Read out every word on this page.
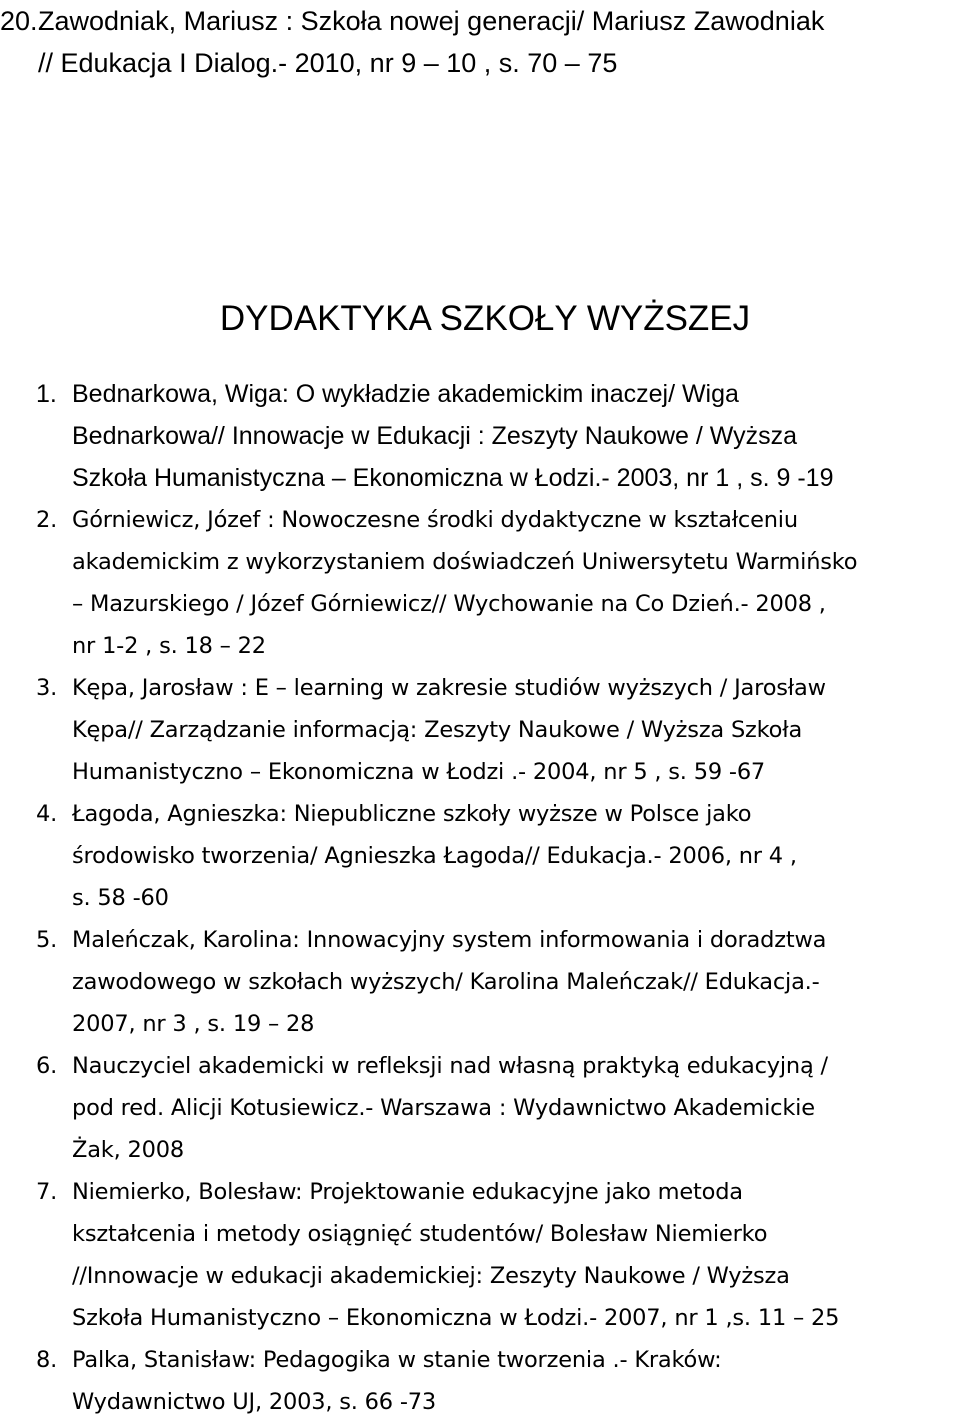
20. Zawodniak, Mariusz : Szkoła nowej generacji/ Mariusz Zawodniak
// Edukacja I Dialog.- 2010, nr 9 – 10 , s. 70 – 75
DYDAKTYKA SZKOŁY WYŻSZEJ
1. Bednarkowa, Wiga: O wykładzie akademickim inaczej/ Wiga
Bednarkowa// Innowacje w Edukacji : Zeszyty Naukowe / Wyższa
Szkoła Humanistyczna – Ekonomiczna w Łodzi.- 2003, nr 1 , s. 9 -19
2. Górniewicz, Józef : Nowoczesne środki dydaktyczne w kształceniu
akademickim z wykorzystaniem doświadczeń Uniwersytetu Warmińsko
– Mazurskiego / Józef Górniewicz// Wychowanie na Co Dzień.- 2008 ,
nr 1-2 , s. 18 – 22
3. Kępa, Jarosław : E – learning w zakresie studiów wyższych / Jarosław
Kępa// Zarządzanie informacją: Zeszyty Naukowe / Wyższa Szkoła
Humanistyczno – Ekonomiczna w Łodzi .- 2004, nr 5 , s. 59 -67
4. Łagoda, Agnieszka: Niepubliczne szkoły wyższe w Polsce jako
środowisko tworzenia/ Agnieszka Łagoda// Edukacja.- 2006, nr 4 ,
s. 58 -60
5. Maleńczak, Karolina: Innowacyjny system informowania i doradztwa
zawodowego w szkołach wyższych/ Karolina Maleńczak// Edukacja.-
2007, nr 3 , s. 19 – 28
6. Nauczyciel akademicki w refleksji nad własną praktyką edukacyjną /
pod red. Alicji Kotusiewicz.- Warszawa : Wydawnictwo Akademickie
Żak, 2008
7. Niemierko, Bolesław: Projektowanie edukacyjne jako metoda
kształcenia i metody osiągnięć studentów/ Bolesław Niemierko
//Innowacje w edukacji akademickiej: Zeszyty Naukowe / Wyższa
Szkoła Humanistyczno – Ekonomiczna w Łodzi.- 2007, nr 1 ,s. 11 – 25
8. Palka, Stanisław: Pedagogika w stanie tworzenia .- Kraków:
Wydawnictwo UJ, 2003, s. 66 -73
